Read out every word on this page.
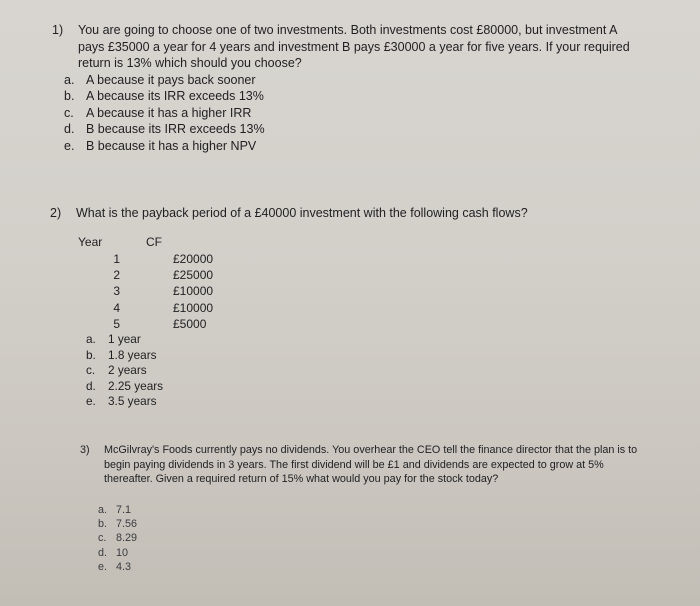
1)	You are going to choose one of two investments. Both investments cost £80000, but investment A pays £35000 a year for 4 years and investment B pays £30000 a year for five years. If your required return is 13% which should you choose?
a. A because it pays back sooner
b. A because its IRR exceeds 13%
c. A because it has a higher IRR
d. B because its IRR exceeds 13%
e. B because it has a higher NPV
2)	What is the payback period of a £40000 investment with the following cash flows?
Year	CF
1	£20000
2	£25000
3	£10000
4	£10000
5	£5000
a. 1 year
b. 1.8 years
c. 2 years
d. 2.25 years
e. 3.5 years
3)	McGilvray's Foods currently pays no dividends. You overhear the CEO tell the finance director that the plan is to begin paying dividends in 3 years. The first dividend will be £1 and dividends are expected to grow at 5% thereafter. Given a required return of 15% what would you pay for the stock today?
a. 7.1
b. 7.56
c. 8.29
d. 10
e. 4.3
